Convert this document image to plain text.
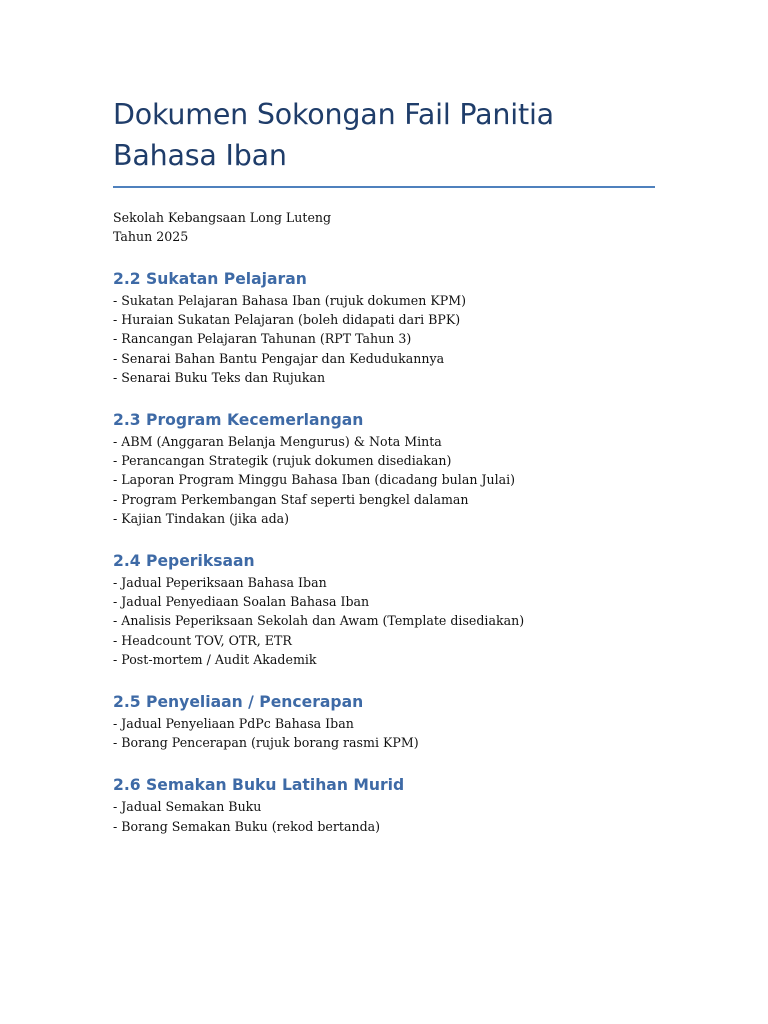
Dokumen Sokongan Fail Panitia Bahasa Iban
Sekolah Kebangsaan Long Luteng
Tahun 2025
2.2 Sukatan Pelajaran
- Sukatan Pelajaran Bahasa Iban (rujuk dokumen KPM)
- Huraian Sukatan Pelajaran (boleh didapati dari BPK)
- Rancangan Pelajaran Tahunan (RPT Tahun 3)
- Senarai Bahan Bantu Pengajar dan Kedudukannya
- Senarai Buku Teks dan Rujukan
2.3 Program Kecemerlangan
- ABM (Anggaran Belanja Mengurus) & Nota Minta
- Perancangan Strategik (rujuk dokumen disediakan)
- Laporan Program Minggu Bahasa Iban (dicadang bulan Julai)
- Program Perkembangan Staf seperti bengkel dalaman
- Kajian Tindakan (jika ada)
2.4 Peperiksaan
- Jadual Peperiksaan Bahasa Iban
- Jadual Penyediaan Soalan Bahasa Iban
- Analisis Peperiksaan Sekolah dan Awam (Template disediakan)
- Headcount TOV, OTR, ETR
- Post-mortem / Audit Akademik
2.5 Penyeliaan / Pencerapan
- Jadual Penyeliaan PdPc Bahasa Iban
- Borang Pencerapan (rujuk borang rasmi KPM)
2.6 Semakan Buku Latihan Murid
- Jadual Semakan Buku
- Borang Semakan Buku (rekod bertanda)
